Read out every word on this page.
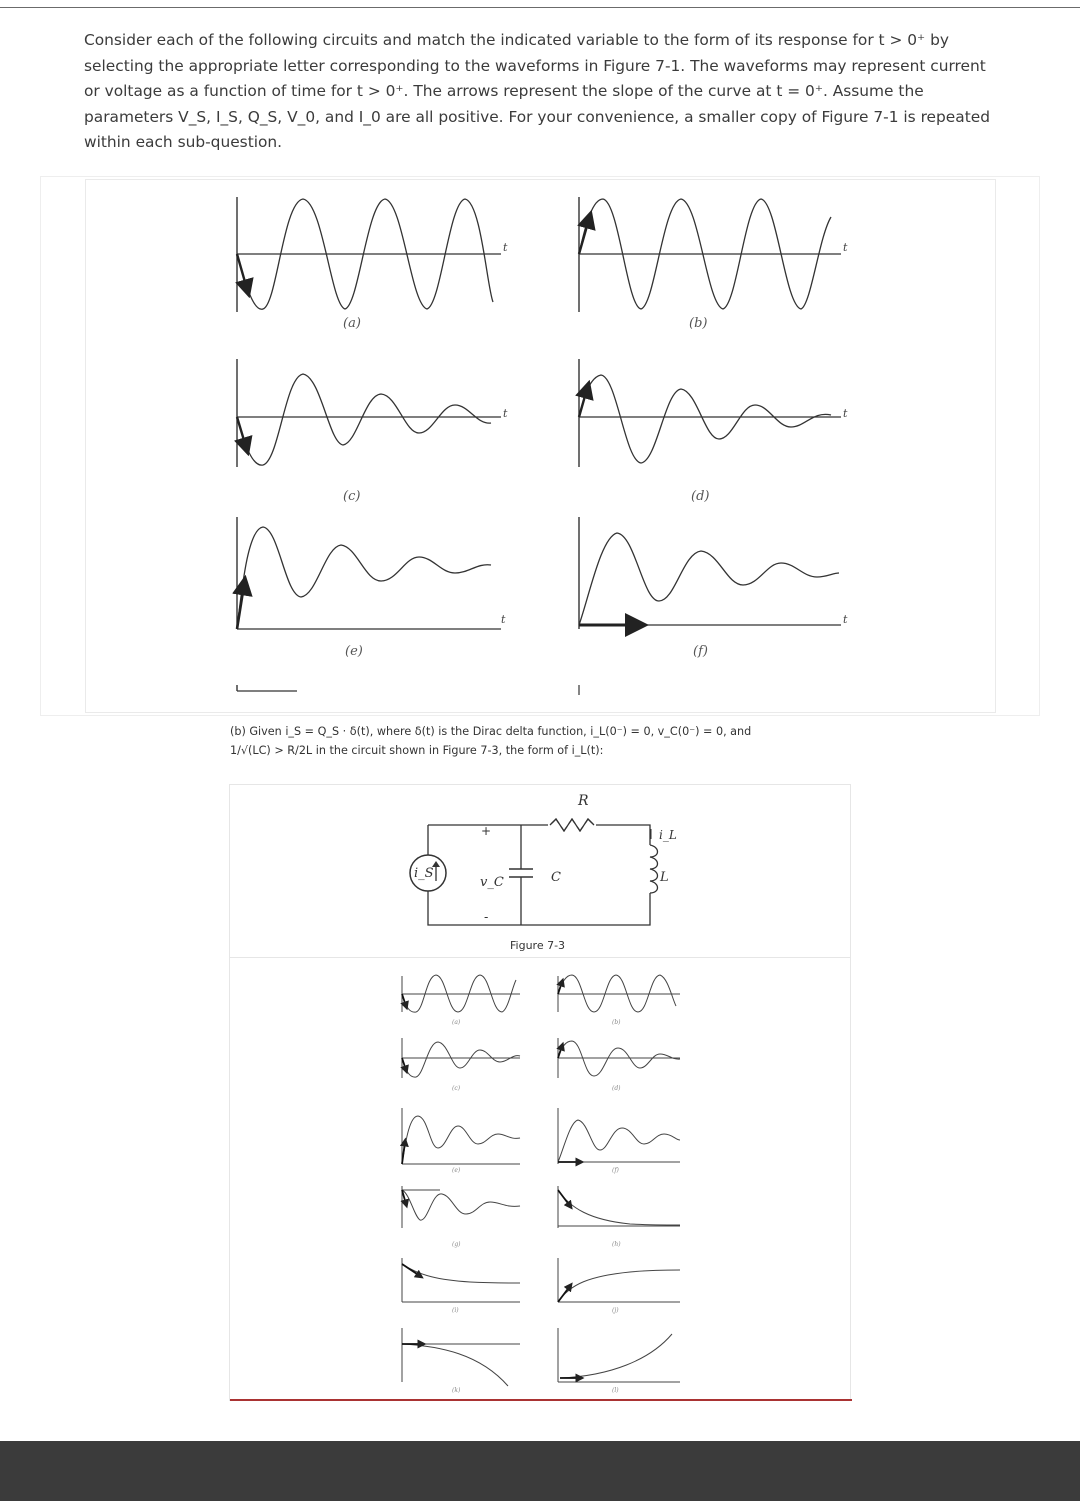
Consider each of the following circuits and match the indicated variable to the form of its response for t > 0⁺ by selecting the appropriate letter corresponding to the waveforms in Figure 7-1. The waveforms may represent current or voltage as a function of time for t > 0⁺. The arrows represent the slope of the curve at t = 0⁺. Assume the parameters V_S, I_S, Q_S, V_0, and I_0 are all positive. For your convenience, a smaller copy of Figure 7-1 is repeated within each sub-question.

t
(a)
t
(b)
t
(c)
t
(d)
t
(e)
t
(f)

(b) Given i_S = Q_S · δ(t), where δ(t) is the Dirac delta function, i_L(0⁻) = 0, v_C(0⁻) = 0, and

1/√(LC) > R/2L in the circuit shown in Figure 7-3, the form of i_L(t):

i_S
+
v_C
-
C
R
L
i_L
Figure 7-3
(a)	(b)
(c)	(d)
(e)	(f)
(g)	(h)
(i)	(j)
(k)	(l)
